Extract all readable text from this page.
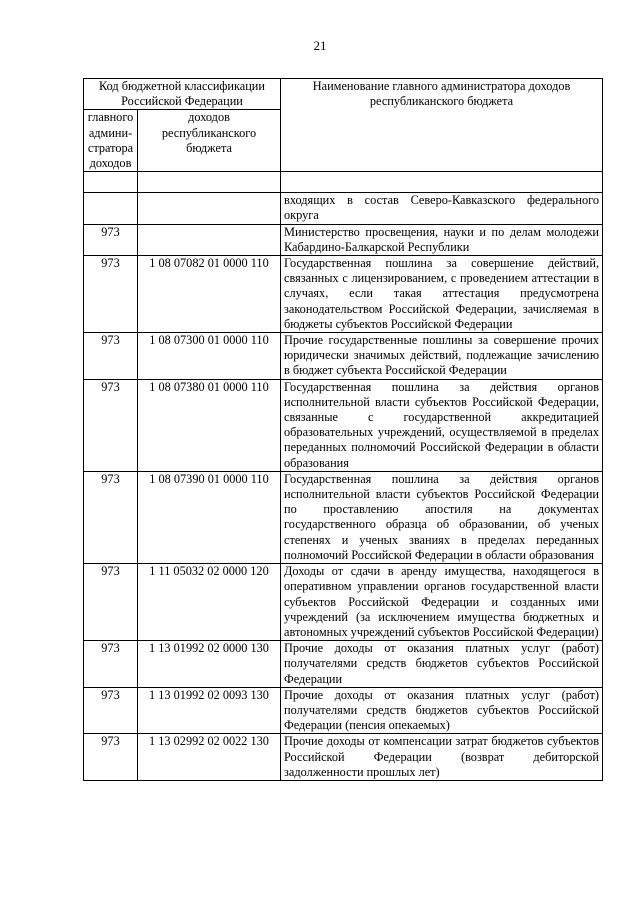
21
Код бюджетной классификации Российской Федерации		Наименование главного администратора доходов республиканского бюджета
главного админи-стратора доходов	доходов республиканского бюджета	

		входящих в состав Северо-Кавказского федерального округа
973		Министерство просвещения, науки и по делам молодежи Кабардино-Балкарской Республики
973	1 08 07082 01 0000 110	Государственная пошлина за совершение действий, связанных с лицензированием, с проведением аттестации в случаях, если такая аттестация предусмотрена законодательством Российской Федерации, зачисляемая в бюджеты субъектов Российской Федерации
973	1 08 07300 01 0000 110	Прочие государственные пошлины за совершение прочих юридически значимых действий, подлежащие зачислению в бюджет субъекта Российской Федерации
973	1 08 07380 01 0000 110	Государственная пошлина за действия органов исполнительной власти субъектов Российской Федерации, связанные с государственной аккредитацией образовательных учреждений, осуществляемой в пределах переданных полномочий Российской Федерации в области образования
973	1 08 07390 01 0000 110	Государственная пошлина за действия органов исполнительной власти субъектов Российской Федерации по проставлению апостиля на документах государственного образца об образовании, об ученых степенях и ученых званиях в пределах переданных полномочий Российской Федерации в области образования
973	1 11 05032 02 0000 120	Доходы от сдачи в аренду имущества, находящегося в оперативном управлении органов государственной власти субъектов Российской Федерации и созданных ими учреждений (за исключением имущества бюджетных и автономных учреждений субъектов Российской Федерации)
973	1 13 01992 02 0000 130	Прочие доходы от оказания платных услуг (работ) получателями средств бюджетов субъектов Российской Федерации
973	1 13 01992 02 0093 130	Прочие доходы от оказания платных услуг (работ) получателями средств бюджетов субъектов Российской Федерации (пенсия опекаемых)
973	1 13 02992 02 0022 130	Прочие доходы от компенсации затрат бюджетов субъектов Российской Федерации (возврат дебиторской задолженности прошлых лет)
